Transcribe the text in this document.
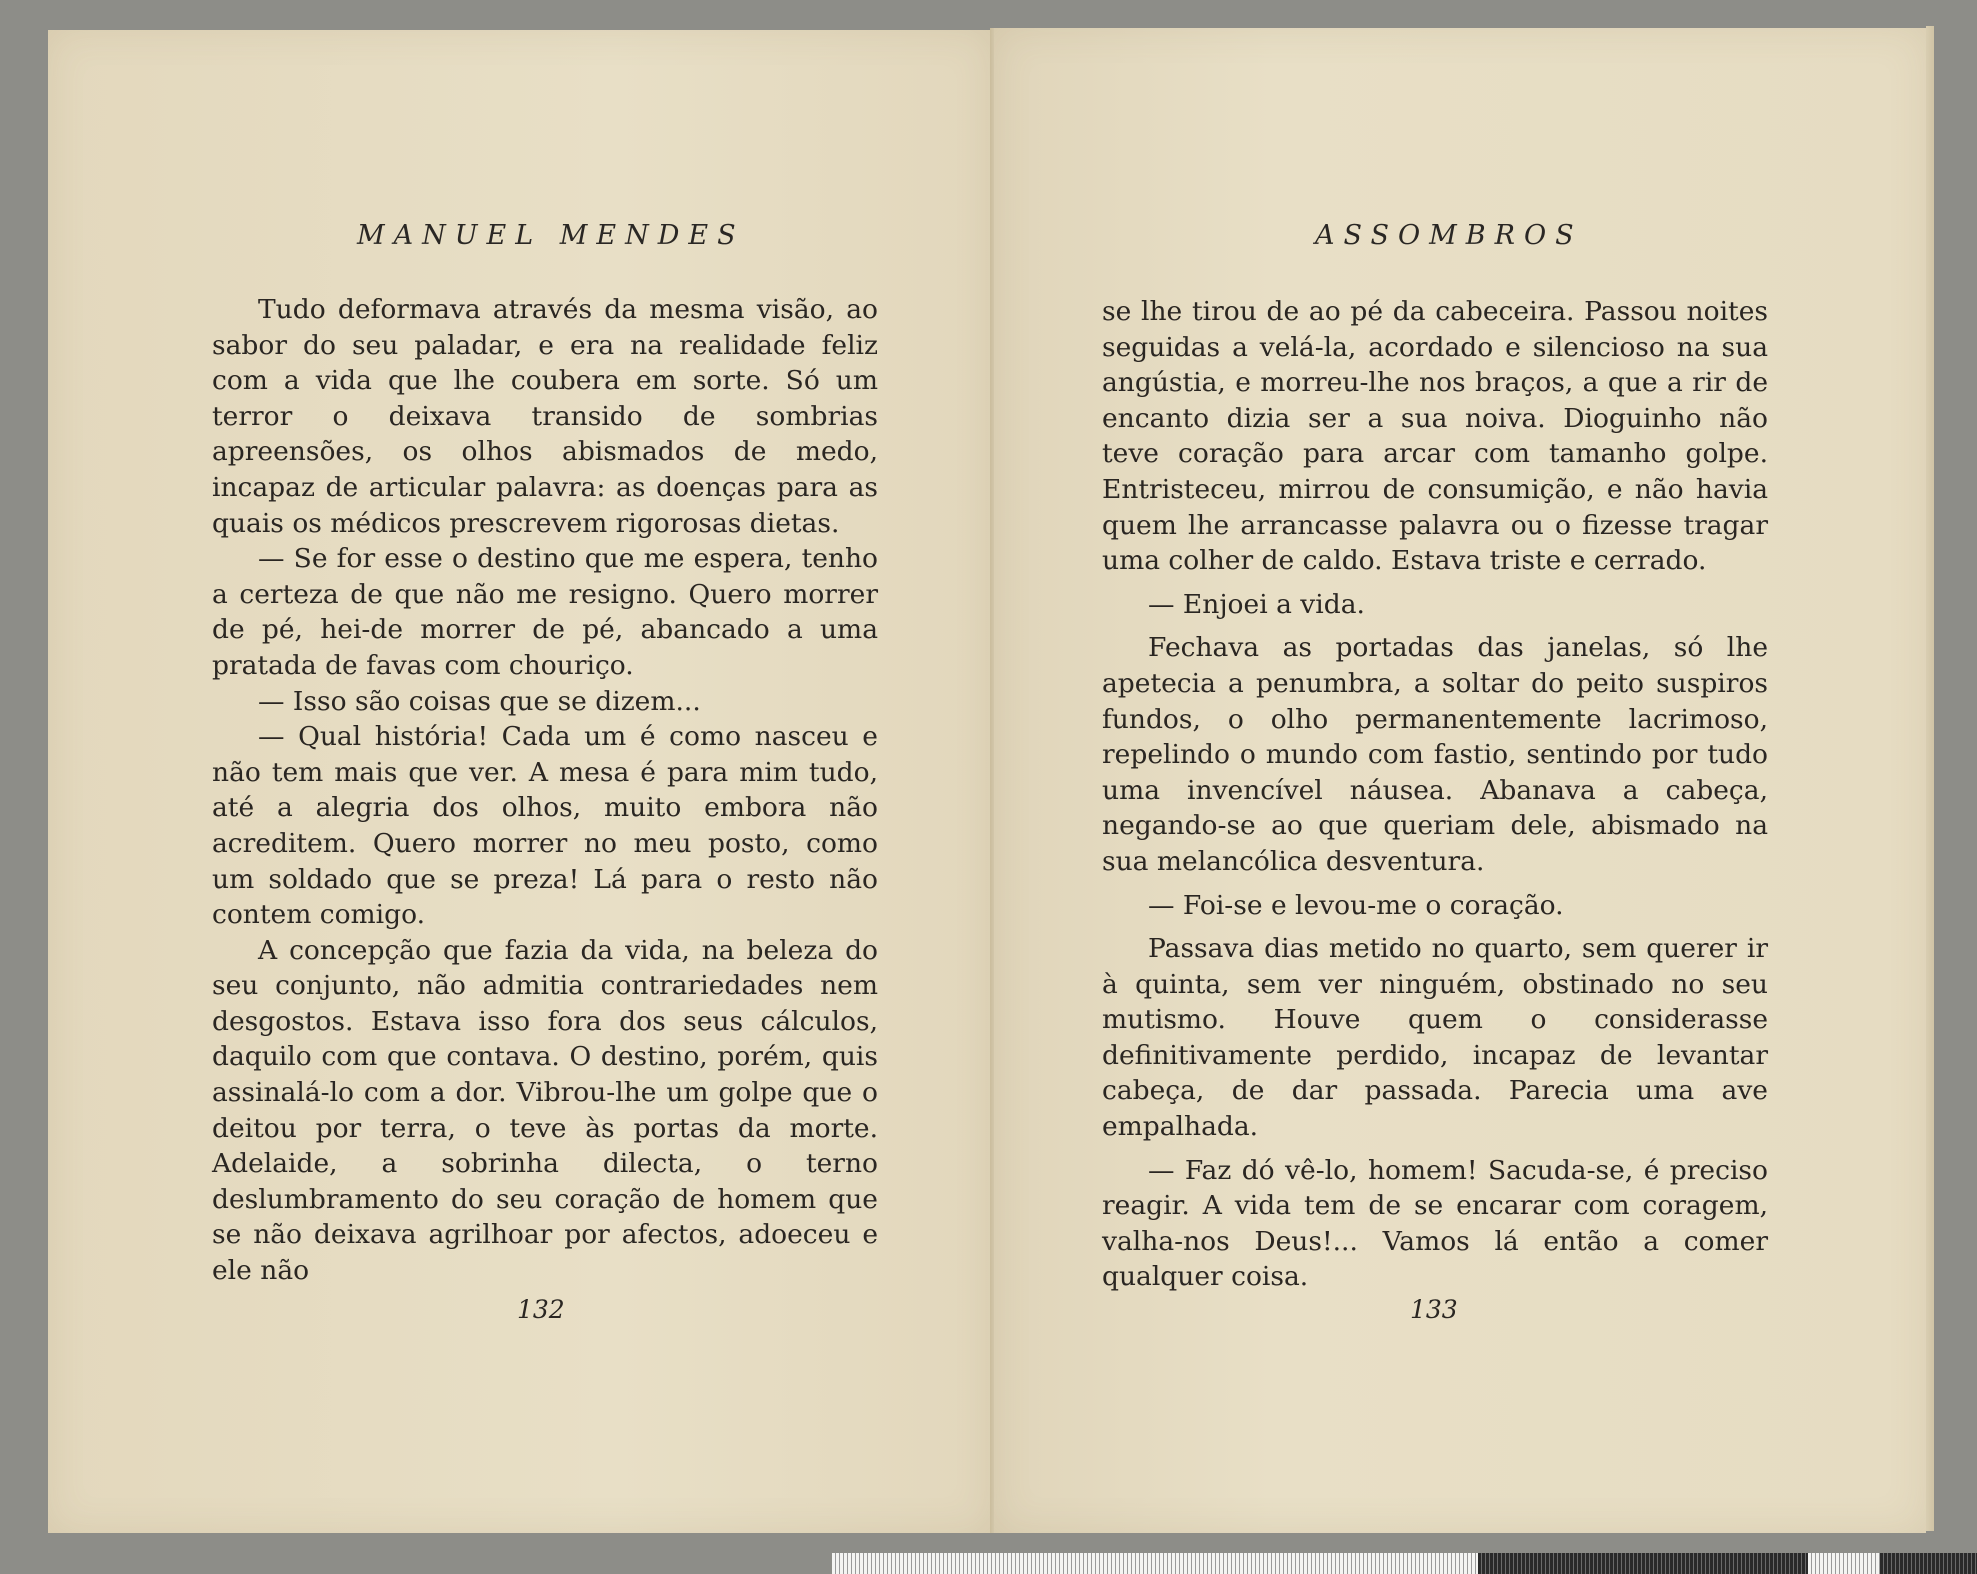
MANUEL MENDES	ASSOMBROS

Tudo deformava através da mesma visão, ao sabor do seu paladar, e era na realidade feliz com a vida que lhe coubera em sorte. Só um terror o deixava transido de sombrias apreensões, os olhos abismados de medo, incapaz de articular palavra: as doenças para as quais os médicos prescrevem rigorosas dietas.

— Se for esse o destino que me espera, tenho a certeza de que não me resigno. Quero morrer de pé, hei-de morrer de pé, abancado a uma pratada de favas com chouriço.

— Isso são coisas que se dizem...

— Qual história! Cada um é como nasceu e não tem mais que ver. A mesa é para mim tudo, até a alegria dos olhos, muito embora não acreditem. Quero morrer no meu posto, como um soldado que se preza! Lá para o resto não contem comigo.

A concepção que fazia da vida, na beleza do seu conjunto, não admitia contrariedades nem desgostos. Estava isso fora dos seus cálculos, daquilo com que contava. O destino, porém, quis assinalá-lo com a dor. Vibrou-lhe um golpe que o deitou por terra, o teve às portas da morte. Adelaide, a sobrinha dilecta, o terno deslumbramento do seu coração de homem que se não deixava agrilhoar por afectos, adoeceu e ele não

se lhe tirou de ao pé da cabeceira. Passou noites seguidas a velá-la, acordado e silencioso na sua angústia, e morreu-lhe nos braços, a que a rir de encanto dizia ser a sua noiva. Dioguinho não teve coração para arcar com tamanho golpe. Entristeceu, mirrou de consumição, e não havia quem lhe arrancasse palavra ou o fizesse tragar uma colher de caldo. Estava triste e cerrado.

— Enjoei a vida.

Fechava as portadas das janelas, só lhe apetecia a penumbra, a soltar do peito suspiros fundos, o olho permanentemente lacrimoso, repelindo o mundo com fastio, sentindo por tudo uma invencível náusea. Abanava a cabeça, negando-se ao que queriam dele, abismado na sua melancólica desventura.

— Foi-se e levou-me o coração.

Passava dias metido no quarto, sem querer ir à quinta, sem ver ninguém, obstinado no seu mutismo. Houve quem o considerasse definitivamente perdido, incapaz de levantar cabeça, de dar passada. Parecia uma ave empalhada.

— Faz dó vê-lo, homem! Sacuda-se, é preciso reagir. A vida tem de se encarar com coragem, valha-nos Deus!... Vamos lá então a comer qualquer coisa.

132	133
